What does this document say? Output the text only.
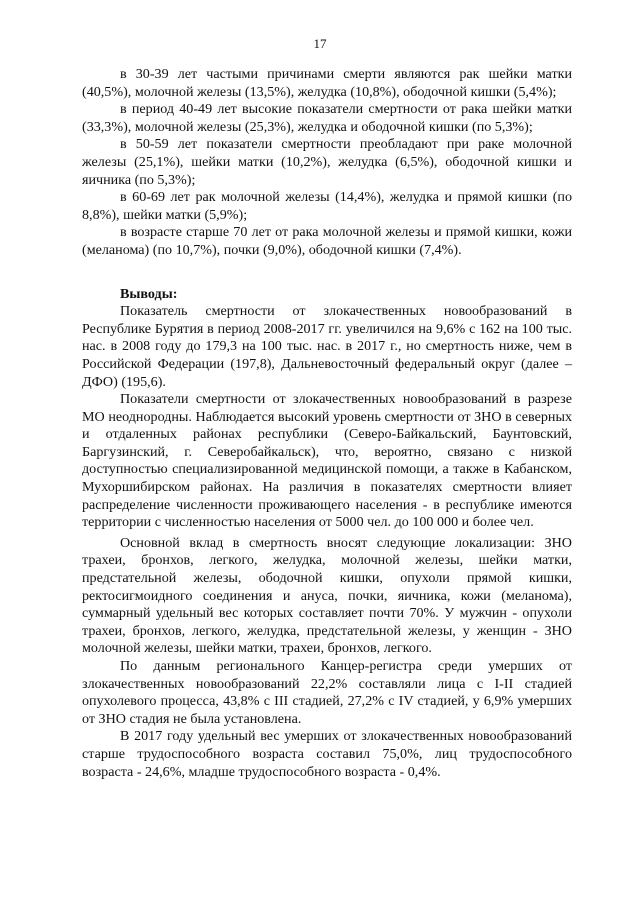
17

в 30-39 лет частыми причинами смерти являются рак шейки матки (40,5%), молочной железы (13,5%), желудка (10,8%), ободочной кишки (5,4%);

в период 40-49 лет высокие показатели смертности от рака шейки матки (33,3%), молочной железы (25,3%), желудка и ободочной кишки (по 5,3%);

в 50-59 лет показатели смертности преобладают при раке молочной железы (25,1%), шейки матки (10,2%), желудка (6,5%), ободочной кишки и яичника (по 5,3%);

в 60-69 лет рак молочной железы (14,4%), желудка и прямой кишки (по 8,8%), шейки матки (5,9%);

в возрасте старше 70 лет от рака молочной железы и прямой кишки, кожи (меланома) (по 10,7%), почки (9,0%), ободочной кишки (7,4%).

Выводы:

Показатель смертности от злокачественных новообразований в Республике Бурятия в период 2008-2017 гг. увеличился на 9,6% с 162 на 100 тыс. нас. в 2008 году до 179,3 на 100 тыс. нас. в 2017 г., но смертность ниже, чем в Российской Федерации (197,8), Дальневосточный федеральный округ (далее – ДФО) (195,6).

Показатели смертности от злокачественных новообразований в разрезе МО неоднородны. Наблюдается высокий уровень смертности от ЗНО в северных и отдаленных районах республики (Северо-Байкальский, Баунтовский, Баргузинский, г. Северобайкальск), что, вероятно, связано с низкой доступностью специализированной медицинской помощи, а также в Кабанском, Мухоршибирском районах. На различия в показателях смертности влияет распределение численности проживающего населения - в республике имеются территории с численностью населения от 5000 чел. до 100 000 и более чел.

Основной вклад в смертность вносят следующие локализации: ЗНО трахеи, бронхов, легкого, желудка, молочной железы, шейки матки, предстательной железы, ободочной кишки, опухоли прямой кишки, ректосигмоидного соединения и ануса, почки, яичника, кожи (меланома), суммарный удельный вес которых составляет почти 70%. У мужчин - опухоли трахеи, бронхов, легкого, желудка, предстательной железы, у женщин - ЗНО молочной железы, шейки матки, трахеи, бронхов, легкого.

По данным регионального Канцер-регистра среди умерших от злокачественных новообразований 22,2% составляли лица с I-II стадией опухолевого процесса, 43,8% с III стадией, 27,2% с IV стадией, у 6,9% умерших от ЗНО стадия не была установлена.

В 2017 году удельный вес умерших от злокачественных новообразований старше трудоспособного возраста составил 75,0%, лиц трудоспособного возраста - 24,6%, младше трудоспособного возраста - 0,4%.
